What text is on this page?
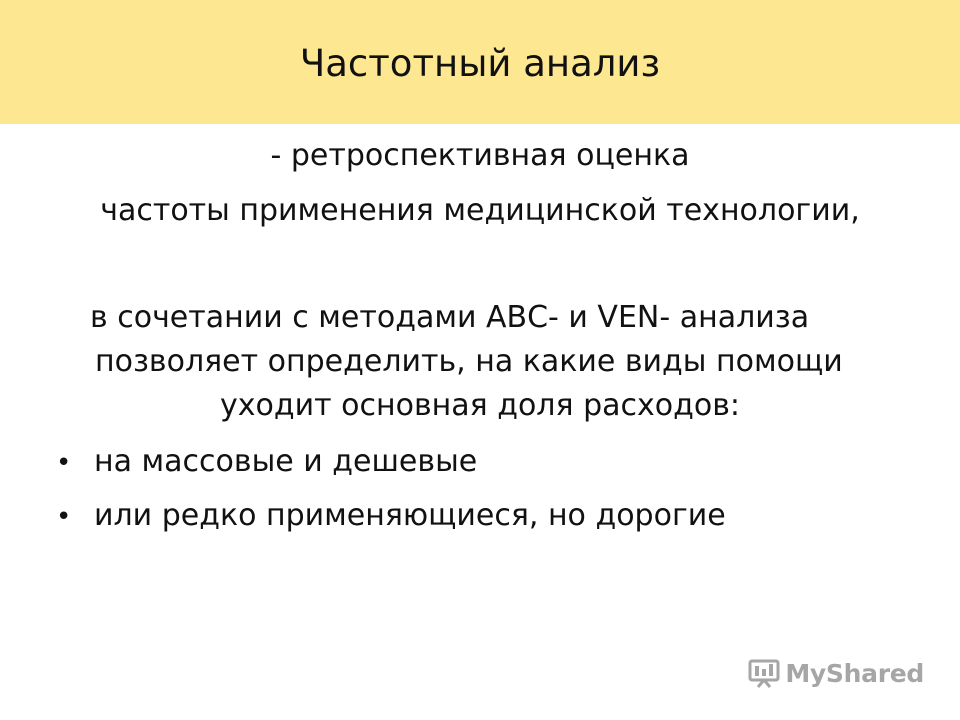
Частотный анализ
- ретроспективная оценка
частоты применения медицинской технологии,
в сочетании с методами АВС- и VEN- анализа
позволяет определить, на какие виды помощи
уходит основная доля расходов:
• на массовые и дешевые
• или редко применяющиеся, но дорогие
MyShared
